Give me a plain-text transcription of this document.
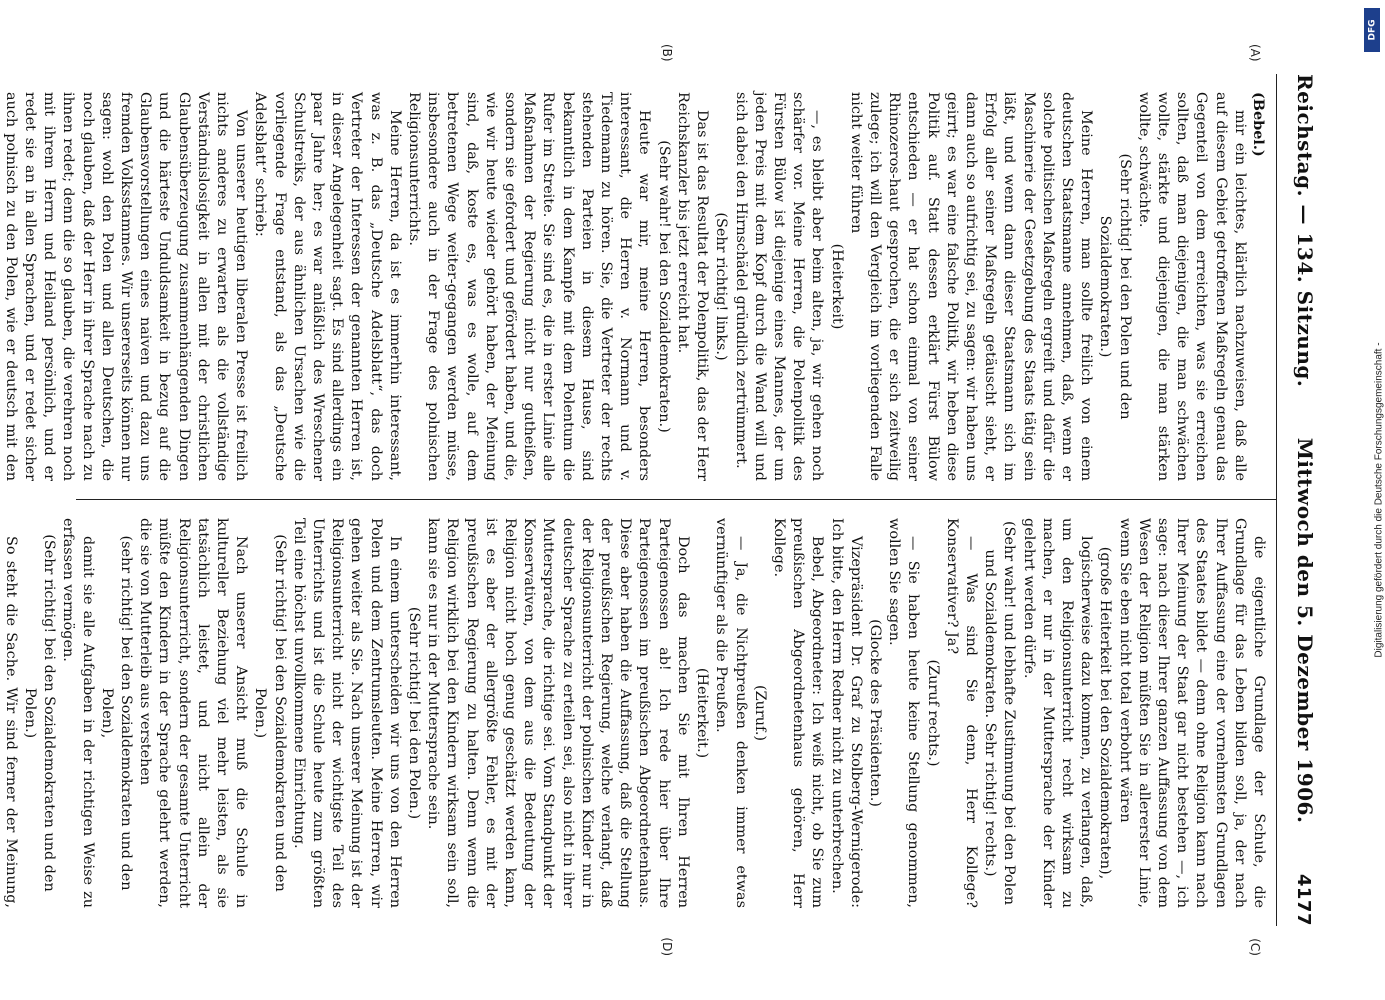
Reichstag. — 134. Sitzung.
Mittwoch den 5. Dezember 1906.
4177
(A)
(B)

(Bebel.)

mir ein leichtes, klärlich nachzuweisen, daß alle auf diesem Gebiet getroffenen Maßregeln genau das Gegenteil von dem erreichten, was sie erreichen sollten, daß man diejenigen, die man schwächen wollte, stärkte und diejenigen, die man stärken wollte, schwächte.

(Sehr richtig! bei den Polen und den Sozialdemokraten.)

Meine Herren, man sollte freilich von einem deutschen Staatsmanne annehmen, daß, wenn er solche politischen Maßregeln ergreift und dafür die Maschinerie der Gesetzgebung des Staats tätig sein läßt, und wenn dann dieser Staatsmann sich im Erfolg aller seiner Maßregeln getäuscht sieht, er dann auch so aufrichtig sei, zu sagen: wir haben uns geirrt; es war eine falsche Politik, wir heben diese Politik auf. Statt dessen erklärt Fürst Bülow entschieden — er hat schon einmal von seiner Rhinozeros-haut gesprochen, die er sich zeitweilig zulege; ich will den Vergleich im vorliegenden Falle nicht weiter führen

(Heiterkeit)

—, es bleibt aber beim alten, ja, wir gehen noch schärfer vor. Meine Herren, die Polenpolitik des Fürsten Bülow ist diejenige eines Mannes, der um jeden Preis mit dem Kopf durch die Wand will und sich dabei den Hirnschädel gründlich zertrümmert.

(Sehr richtig! links.)

Das ist das Resultat der Polenpolitik, das der Herr Reichskanzler bis jetzt erreicht hat.

(Sehr wahr! bei den Sozialdemokraten.)

Heute war mir, meine Herren, besonders interessant, die Herren v. Normann und v. Tiedemann zu hören. Sie, die Vertreter der rechts stehenden Parteien in diesem Hause, sind bekanntlich in dem Kampfe mit dem Polentum die Rufer im Streite. Sie sind es, die in erster Linie alle Maßnahmen der Regierung nicht nur gutheißen, sondern sie gefordert und gefördert haben, und die, wie wir heute wieder gehört haben, der Meinung sind, daß, koste es, was es wolle, auf dem betretenen Wege weiter-gegangen werden müsse, insbesondere auch in der Frage des polnischen Religionsunterrichts.

Meine Herren, da ist es immerhin interessant, was z. B. das „Deutsche Adelsblatt“, das doch Vertreter der Interessen der genannten Herren ist, in dieser Angelegenheit sagt. Es sind allerdings ein paar Jahre her; es war anläßlich des Wreschener Schulstreiks, der aus ähnlichen Ursachen wie die vorliegende Frage entstand, als das „Deutsche Adelsblatt“ schrieb:

Von unserer heutigen liberalen Presse ist freilich nichts anderes zu erwarten als die vollständige Verständnislosigkeit in allen mit der christlichen Glaubensüberzeugung zusammenhängenden Dingen und die härteste Unduldsamkeit in bezug auf die Glaubensvorstellungen eines naiven und dazu uns fremden Volksstammes. Wir unsererseits können nur sagen: wohl den Polen und allen Deutschen, die noch glauben, daß der Herr in ihrer Sprache nach zu ihnen redet; denn die so glauben, die verehren noch mit ihrem Herrn und Heiland persönlich, und er redet sie an in allen Sprachen, und er redet sicher auch polnisch zu den Polen, wie er deutsch mit den

(C)
(D)

die eigentliche Grundlage der Schule, die Grundlage für das Leben bilden soll, ja, der nach Ihrer Auffassung eine der vornehmsten Grundlagen des Staates bildet — denn ohne Religion kann nach Ihrer Meinung der Staat gar nicht bestehen —, ich sage: nach dieser Ihrer ganzen Auffassung von dem Wesen der Religion müßten Sie in allererster Linie, wenn Sie eben nicht total verbohrt wären

(große Heiterkeit bei den Sozialdemokraten),

logischerweise dazu kommen, zu verlangen, daß, um den Religionsunterricht recht wirksam zu machen, er nur in der Muttersprache der Kinder gelehrt werden dürfe.

(Sehr wahr! und lebhafte Zustimmung bei den Polen und Sozialdemokraten. Sehr richtig! rechts.)

— Was sind Sie denn, Herr Kollege? Konservativer? Ja?

(Zuruf rechts.)

— Sie haben heute keine Stellung genommen, wollen Sie sagen.

(Glocke des Präsidenten.)

Vizepräsident Dr. Graf zu Stolberg-Wernigerode: Ich bitte, den Herrn Redner nicht zu unterbrechen.

Bebel, Abgeordneter: Ich weiß nicht, ob Sie zum preußischen Abgeordnetenhaus gehören, Herr Kollege.

(Zuruf.)

— Ja, die Nichtpreußen denken immer etwas vernünftiger als die Preußen.

(Heiterkeit.)

Doch das machen Sie mit Ihren Herren Parteigenossen ab! Ich rede hier über Ihre Parteigenossen im preußischen Abgeordnetenhaus. Diese aber haben die Auffassung, daß die Stellung der preußischen Regierung, welche verlangt, daß der Religionsunterricht der polnischen Kinder nur in deutscher Sprache zu erteilen sei, also nicht in ihrer Muttersprache, die richtige sei. Vom Standpunkt der Konservativen, von dem aus die Bedeutung der Religion nicht hoch genug geschätzt werden kann, ist es aber der allergrößte Fehler, es mit der preußischen Regierung zu halten. Denn wenn die Religion wirklich bei den Kindern wirksam sein soll, kann sie es nur in der Muttersprache sein.

(Sehr richtig! bei den Polen.)

In einem unterscheiden wir uns von den Herren Polen und dem Zentrumsleuten. Meine Herren, wir gehen weiter als Sie. Nach unserer Meinung ist der Religionsunterricht nicht der wichtigste Teil des Unterrichts und ist die Schule heute zum größten Teil eine höchst unvollkommene Einrichtung.

(Sehr richtig! bei den Sozialdemokraten und den Polen.)

Nach unserer Ansicht muß die Schule in kultureller Beziehung viel mehr leisten, als sie tatsächlich leistet, und nicht allein der Religionsunterricht, sondern der gesamte Unterricht müßte den Kindern in der Sprache gelehrt werden, die sie von Mutterleib aus verstehen

(sehr richtig! bei den Sozialdemokraten und den Polen),

damit sie alle Aufgaben in der richtigen Weise zu erfassen vermögen.

(Sehr richtig! bei den Sozialdemokraten und den Polen.)

So steht die Sache. Wir sind ferner der Meinung,

Digitalisierung gefördert durch die Deutsche Forschungsgemeinschaft -
DFG
